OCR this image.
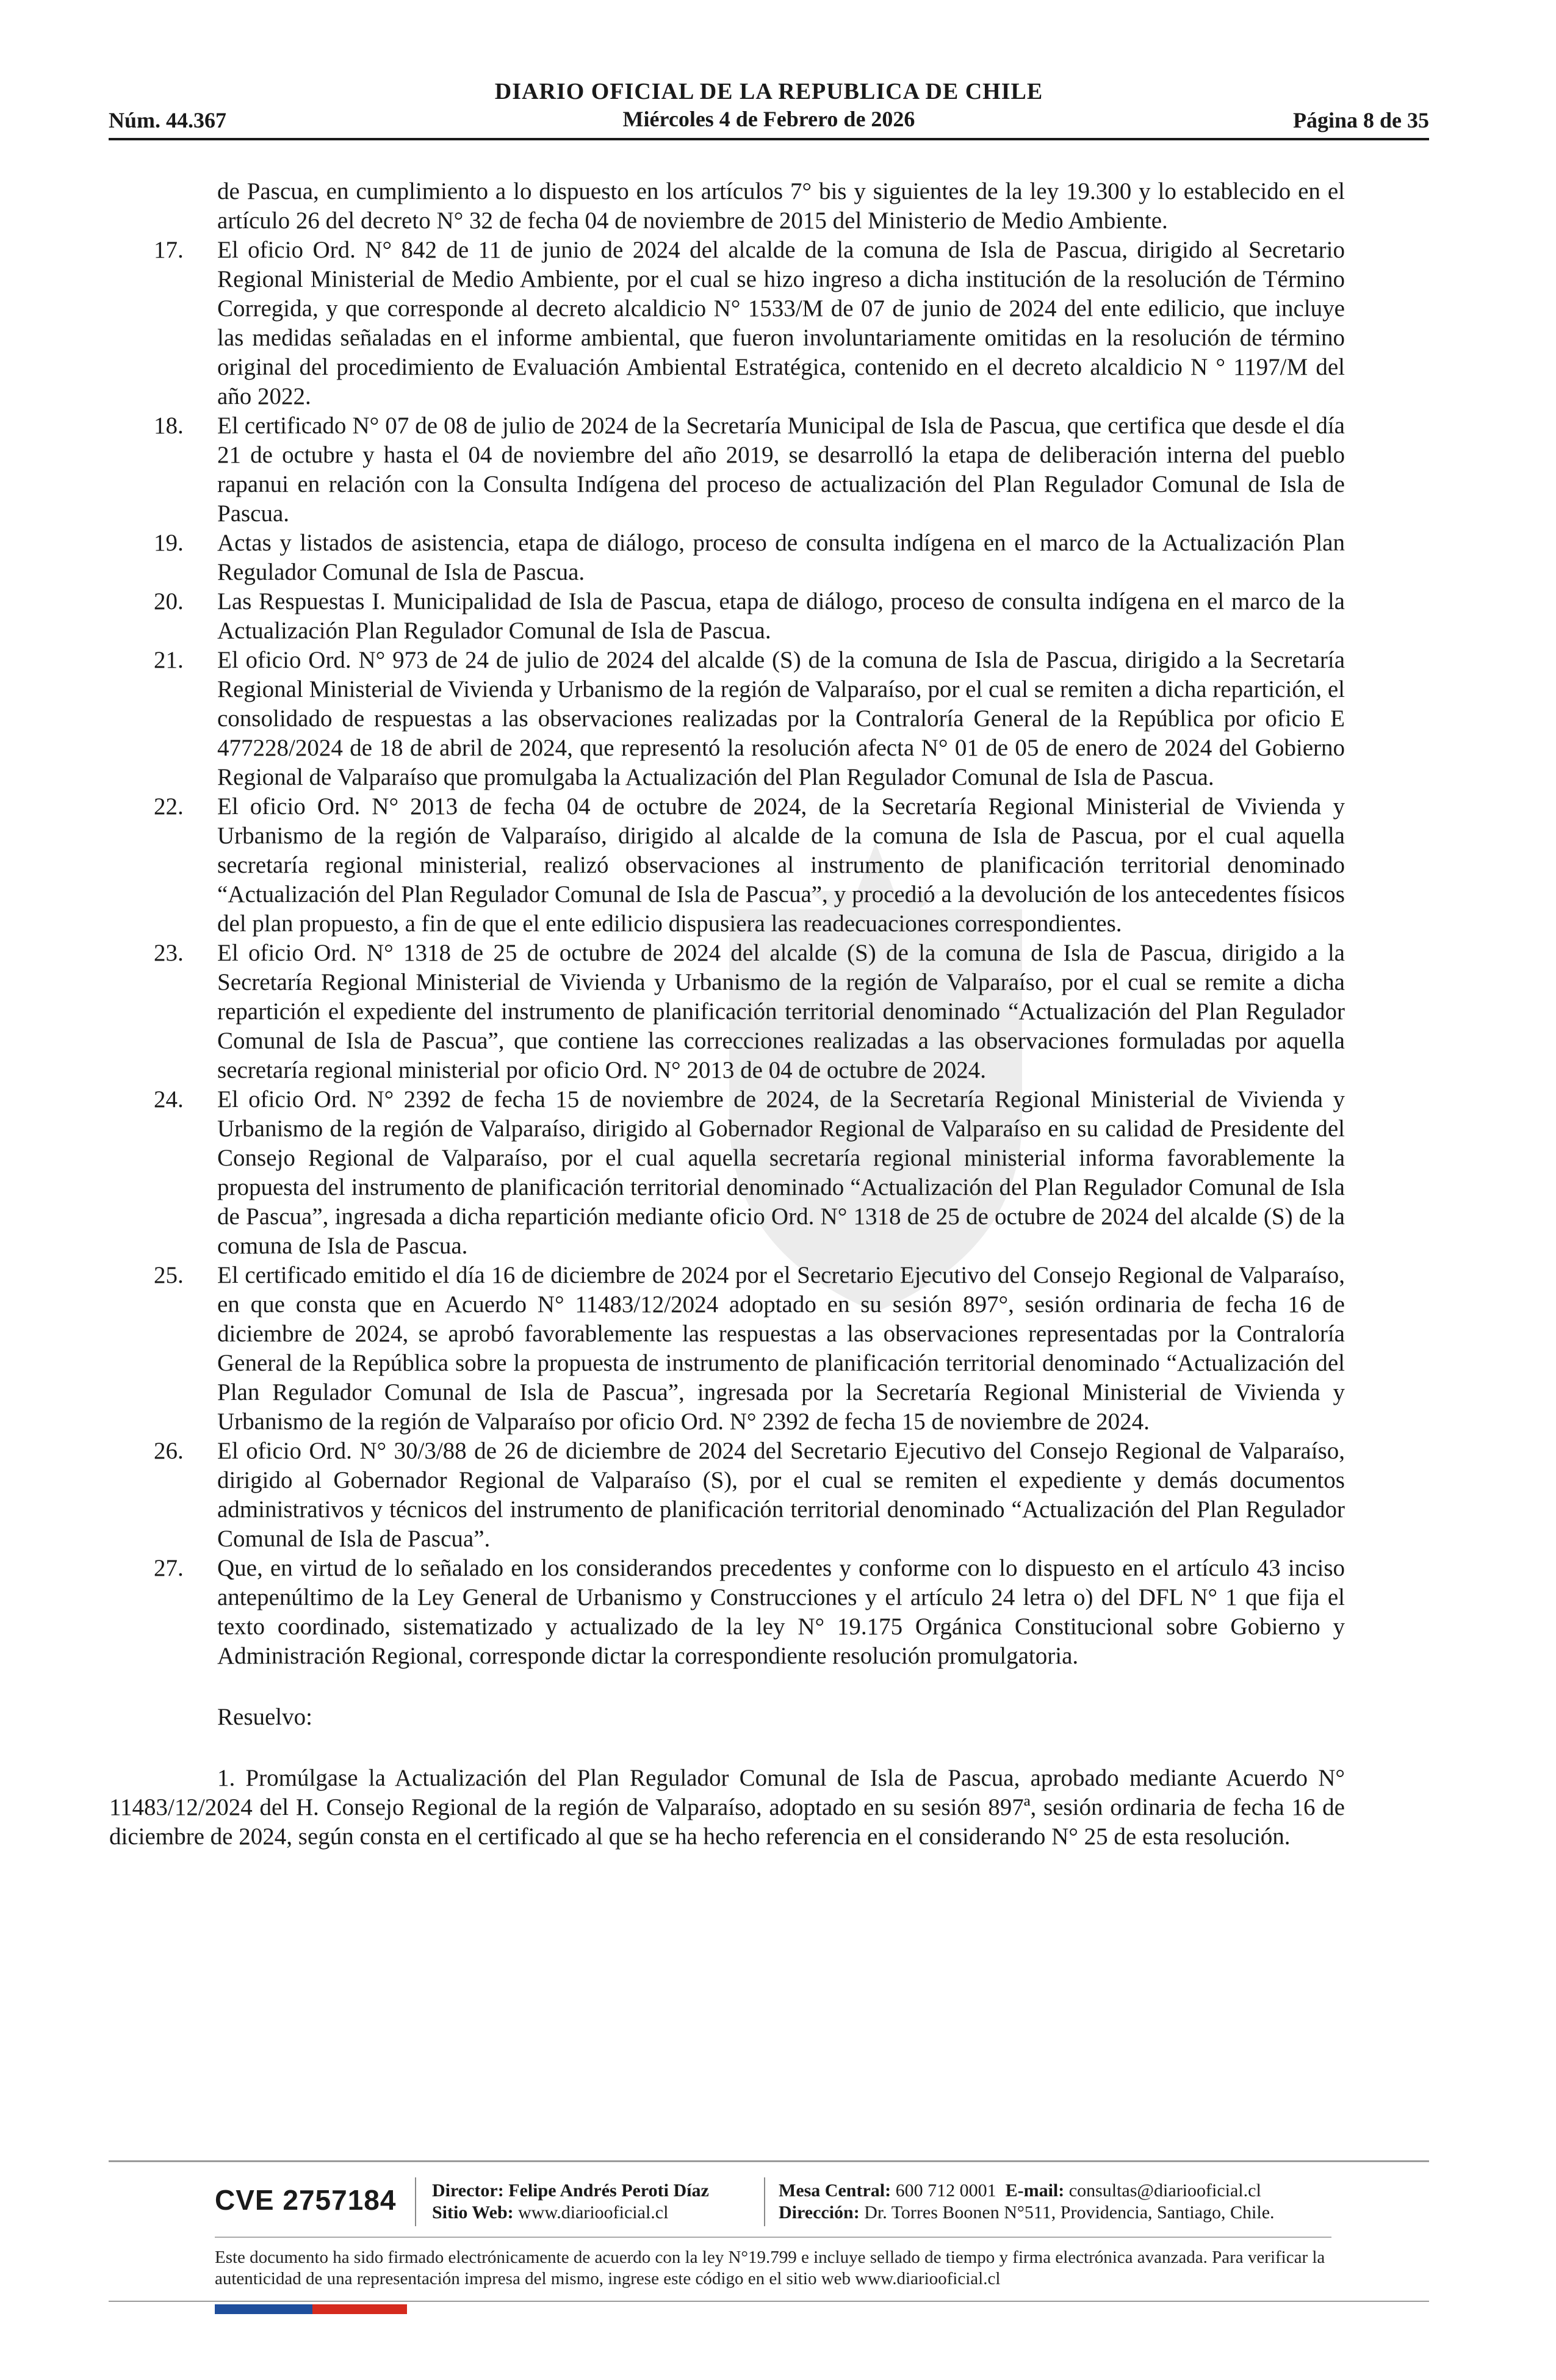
Núm. 44.367
DIARIO OFICIAL DE LA REPUBLICA DE CHILE
Miércoles 4 de Febrero de 2026	Página 8 de 35

de Pascua, en cumplimiento a lo dispuesto en los artículos 7° bis y siguientes de la ley 19.300 y lo establecido en el artículo 26 del decreto N° 32 de fecha 04 de noviembre de 2015 del Ministerio de Medio Ambiente.

17. El oficio Ord. N° 842 de 11 de junio de 2024 del alcalde de la comuna de Isla de Pascua, dirigido al Secretario Regional Ministerial de Medio Ambiente, por el cual se hizo ingreso a dicha institución de la resolución de Término Corregida, y que corresponde al decreto alcaldicio N° 1533/M de 07 de junio de 2024 del ente edilicio, que incluye las medidas señaladas en el informe ambiental, que fueron involuntariamente omitidas en la resolución de término original del procedimiento de Evaluación Ambiental Estratégica, contenido en el decreto alcaldicio N ° 1197/M del año 2022.
18. El certificado N° 07 de 08 de julio de 2024 de la Secretaría Municipal de Isla de Pascua, que certifica que desde el día 21 de octubre y hasta el 04 de noviembre del año 2019, se desarrolló la etapa de deliberación interna del pueblo rapanui en relación con la Consulta Indígena del proceso de actualización del Plan Regulador Comunal de Isla de Pascua.
19. Actas y listados de asistencia, etapa de diálogo, proceso de consulta indígena en el marco de la Actualización Plan Regulador Comunal de Isla de Pascua.
20. Las Respuestas I. Municipalidad de Isla de Pascua, etapa de diálogo, proceso de consulta indígena en el marco de la Actualización Plan Regulador Comunal de Isla de Pascua.
21. El oficio Ord. N° 973 de 24 de julio de 2024 del alcalde (S) de la comuna de Isla de Pascua, dirigido a la Secretaría Regional Ministerial de Vivienda y Urbanismo de la región de Valparaíso, por el cual se remiten a dicha repartición, el consolidado de respuestas a las observaciones realizadas por la Contraloría General de la República por oficio E 477228/2024 de 18 de abril de 2024, que representó la resolución afecta N° 01 de 05 de enero de 2024 del Gobierno Regional de Valparaíso que promulgaba la Actualización del Plan Regulador Comunal de Isla de Pascua.
22. El oficio Ord. N° 2013 de fecha 04 de octubre de 2024, de la Secretaría Regional Ministerial de Vivienda y Urbanismo de la región de Valparaíso, dirigido al alcalde de la comuna de Isla de Pascua, por el cual aquella secretaría regional ministerial, realizó observaciones al instrumento de planificación territorial denominado “Actualización del Plan Regulador Comunal de Isla de Pascua”, y procedió a la devolución de los antecedentes físicos del plan propuesto, a fin de que el ente edilicio dispusiera las readecuaciones correspondientes.
23. El oficio Ord. N° 1318 de 25 de octubre de 2024 del alcalde (S) de la comuna de Isla de Pascua, dirigido a la Secretaría Regional Ministerial de Vivienda y Urbanismo de la región de Valparaíso, por el cual se remite a dicha repartición el expediente del instrumento de planificación territorial denominado “Actualización del Plan Regulador Comunal de Isla de Pascua”, que contiene las correcciones realizadas a las observaciones formuladas por aquella secretaría regional ministerial por oficio Ord. N° 2013 de 04 de octubre de 2024.
24. El oficio Ord. N° 2392 de fecha 15 de noviembre de 2024, de la Secretaría Regional Ministerial de Vivienda y Urbanismo de la región de Valparaíso, dirigido al Gobernador Regional de Valparaíso en su calidad de Presidente del Consejo Regional de Valparaíso, por el cual aquella secretaría regional ministerial informa favorablemente la propuesta del instrumento de planificación territorial denominado “Actualización del Plan Regulador Comunal de Isla de Pascua”, ingresada a dicha repartición mediante oficio Ord. N° 1318 de 25 de octubre de 2024 del alcalde (S) de la comuna de Isla de Pascua.
25. El certificado emitido el día 16 de diciembre de 2024 por el Secretario Ejecutivo del Consejo Regional de Valparaíso, en que consta que en Acuerdo N° 11483/12/2024 adoptado en su sesión 897°, sesión ordinaria de fecha 16 de diciembre de 2024, se aprobó favorablemente las respuestas a las observaciones representadas por la Contraloría General de la República sobre la propuesta de instrumento de planificación territorial denominado “Actualización del Plan Regulador Comunal de Isla de Pascua”, ingresada por la Secretaría Regional Ministerial de Vivienda y Urbanismo de la región de Valparaíso por oficio Ord. N° 2392 de fecha 15 de noviembre de 2024.
26. El oficio Ord. N° 30/3/88 de 26 de diciembre de 2024 del Secretario Ejecutivo del Consejo Regional de Valparaíso, dirigido al Gobernador Regional de Valparaíso (S), por el cual se remiten el expediente y demás documentos administrativos y técnicos del instrumento de planificación territorial denominado “Actualización del Plan Regulador Comunal de Isla de Pascua”.
27. Que, en virtud de lo señalado en los considerandos precedentes y conforme con lo dispuesto en el artículo 43 inciso antepenúltimo de la Ley General de Urbanismo y Construcciones y el artículo 24 letra o) del DFL N° 1 que fija el texto coordinado, sistematizado y actualizado de la ley N° 19.175 Orgánica Constitucional sobre Gobierno y Administración Regional, corresponde dictar la correspondiente resolución promulgatoria.

Resuelvo:

1. Promúlgase la Actualización del Plan Regulador Comunal de Isla de Pascua, aprobado mediante Acuerdo N° 11483/12/2024 del H. Consejo Regional de la región de Valparaíso, adoptado en su sesión 897ª, sesión ordinaria de fecha 16 de diciembre de 2024, según consta en el certificado al que se ha hecho referencia en el considerando N° 25 de esta resolución.

CVE 2757184 Director: Felipe Andrés Peroti Díaz
Sitio Web: www.diariooficial.cl
Mesa Central: 600 712 0001 E-mail: consultas@diariooficial.cl
Dirección: Dr. Torres Boonen N°511, Providencia, Santiago, Chile.
Este documento ha sido firmado electrónicamente de acuerdo con la ley N°19.799 e incluye sellado de tiempo y firma electrónica avanzada. Para verificar la autenticidad de una representación impresa del mismo, ingrese este código en el sitio web www.diariooficial.cl
